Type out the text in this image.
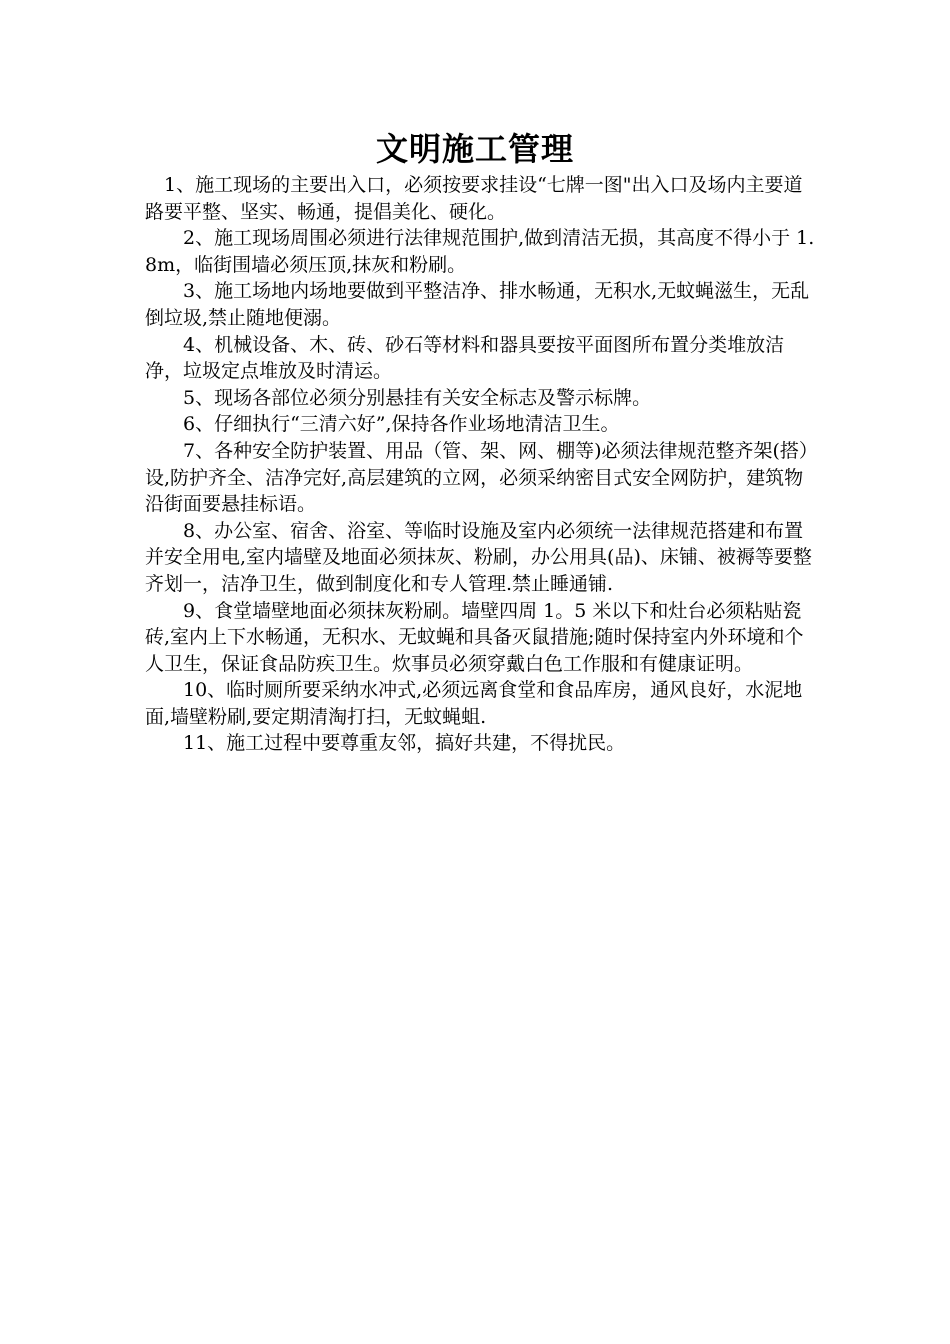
文明施工管理

1、施工现场的主要出入口，必须按要求挂设“七牌一图"出入口及场内主要道路要平整、坚实、畅通，提倡美化、硬化。

2、施工现场周围必须进行法律规范围护,做到清洁无损，其高度不得小于 1.8m，临街围墙必须压顶,抹灰和粉刷。

3、施工场地内场地要做到平整洁净、排水畅通，无积水,无蚊蝇滋生，无乱倒垃圾,禁止随地便溺。

4、机械设备、木、砖、砂石等材料和器具要按平面图所布置分类堆放洁净，垃圾定点堆放及时清运。

5、现场各部位必须分别悬挂有关安全标志及警示标牌。

6、仔细执行“三清六好”,保持各作业场地清洁卫生。

7、各种安全防护装置、用品（管、架、网、棚等)必须法律规范整齐架(搭）设,防护齐全、洁净完好,高层建筑的立网，必须采纳密目式安全网防护，建筑物沿街面要悬挂标语。

8、办公室、宿舍、浴室、等临时设施及室内必须统一法律规范搭建和布置并安全用电,室内墙壁及地面必须抹灰、粉刷，办公用具(品)、床铺、被褥等要整齐划一，洁净卫生，做到制度化和专人管理.禁止睡通铺.

9、食堂墙壁地面必须抹灰粉刷。墙壁四周 1。5 米以下和灶台必须粘贴瓷砖,室内上下水畅通，无积水、无蚊蝇和具备灭鼠措施;随时保持室内外环境和个人卫生，保证食品防疾卫生。炊事员必须穿戴白色工作服和有健康证明。

10、临时厕所要采纳水冲式,必须远离食堂和食品库房，通风良好，水泥地面,墙壁粉刷,要定期清淘打扫，无蚊蝇蛆.

11、施工过程中要尊重友邻，搞好共建，不得扰民。
